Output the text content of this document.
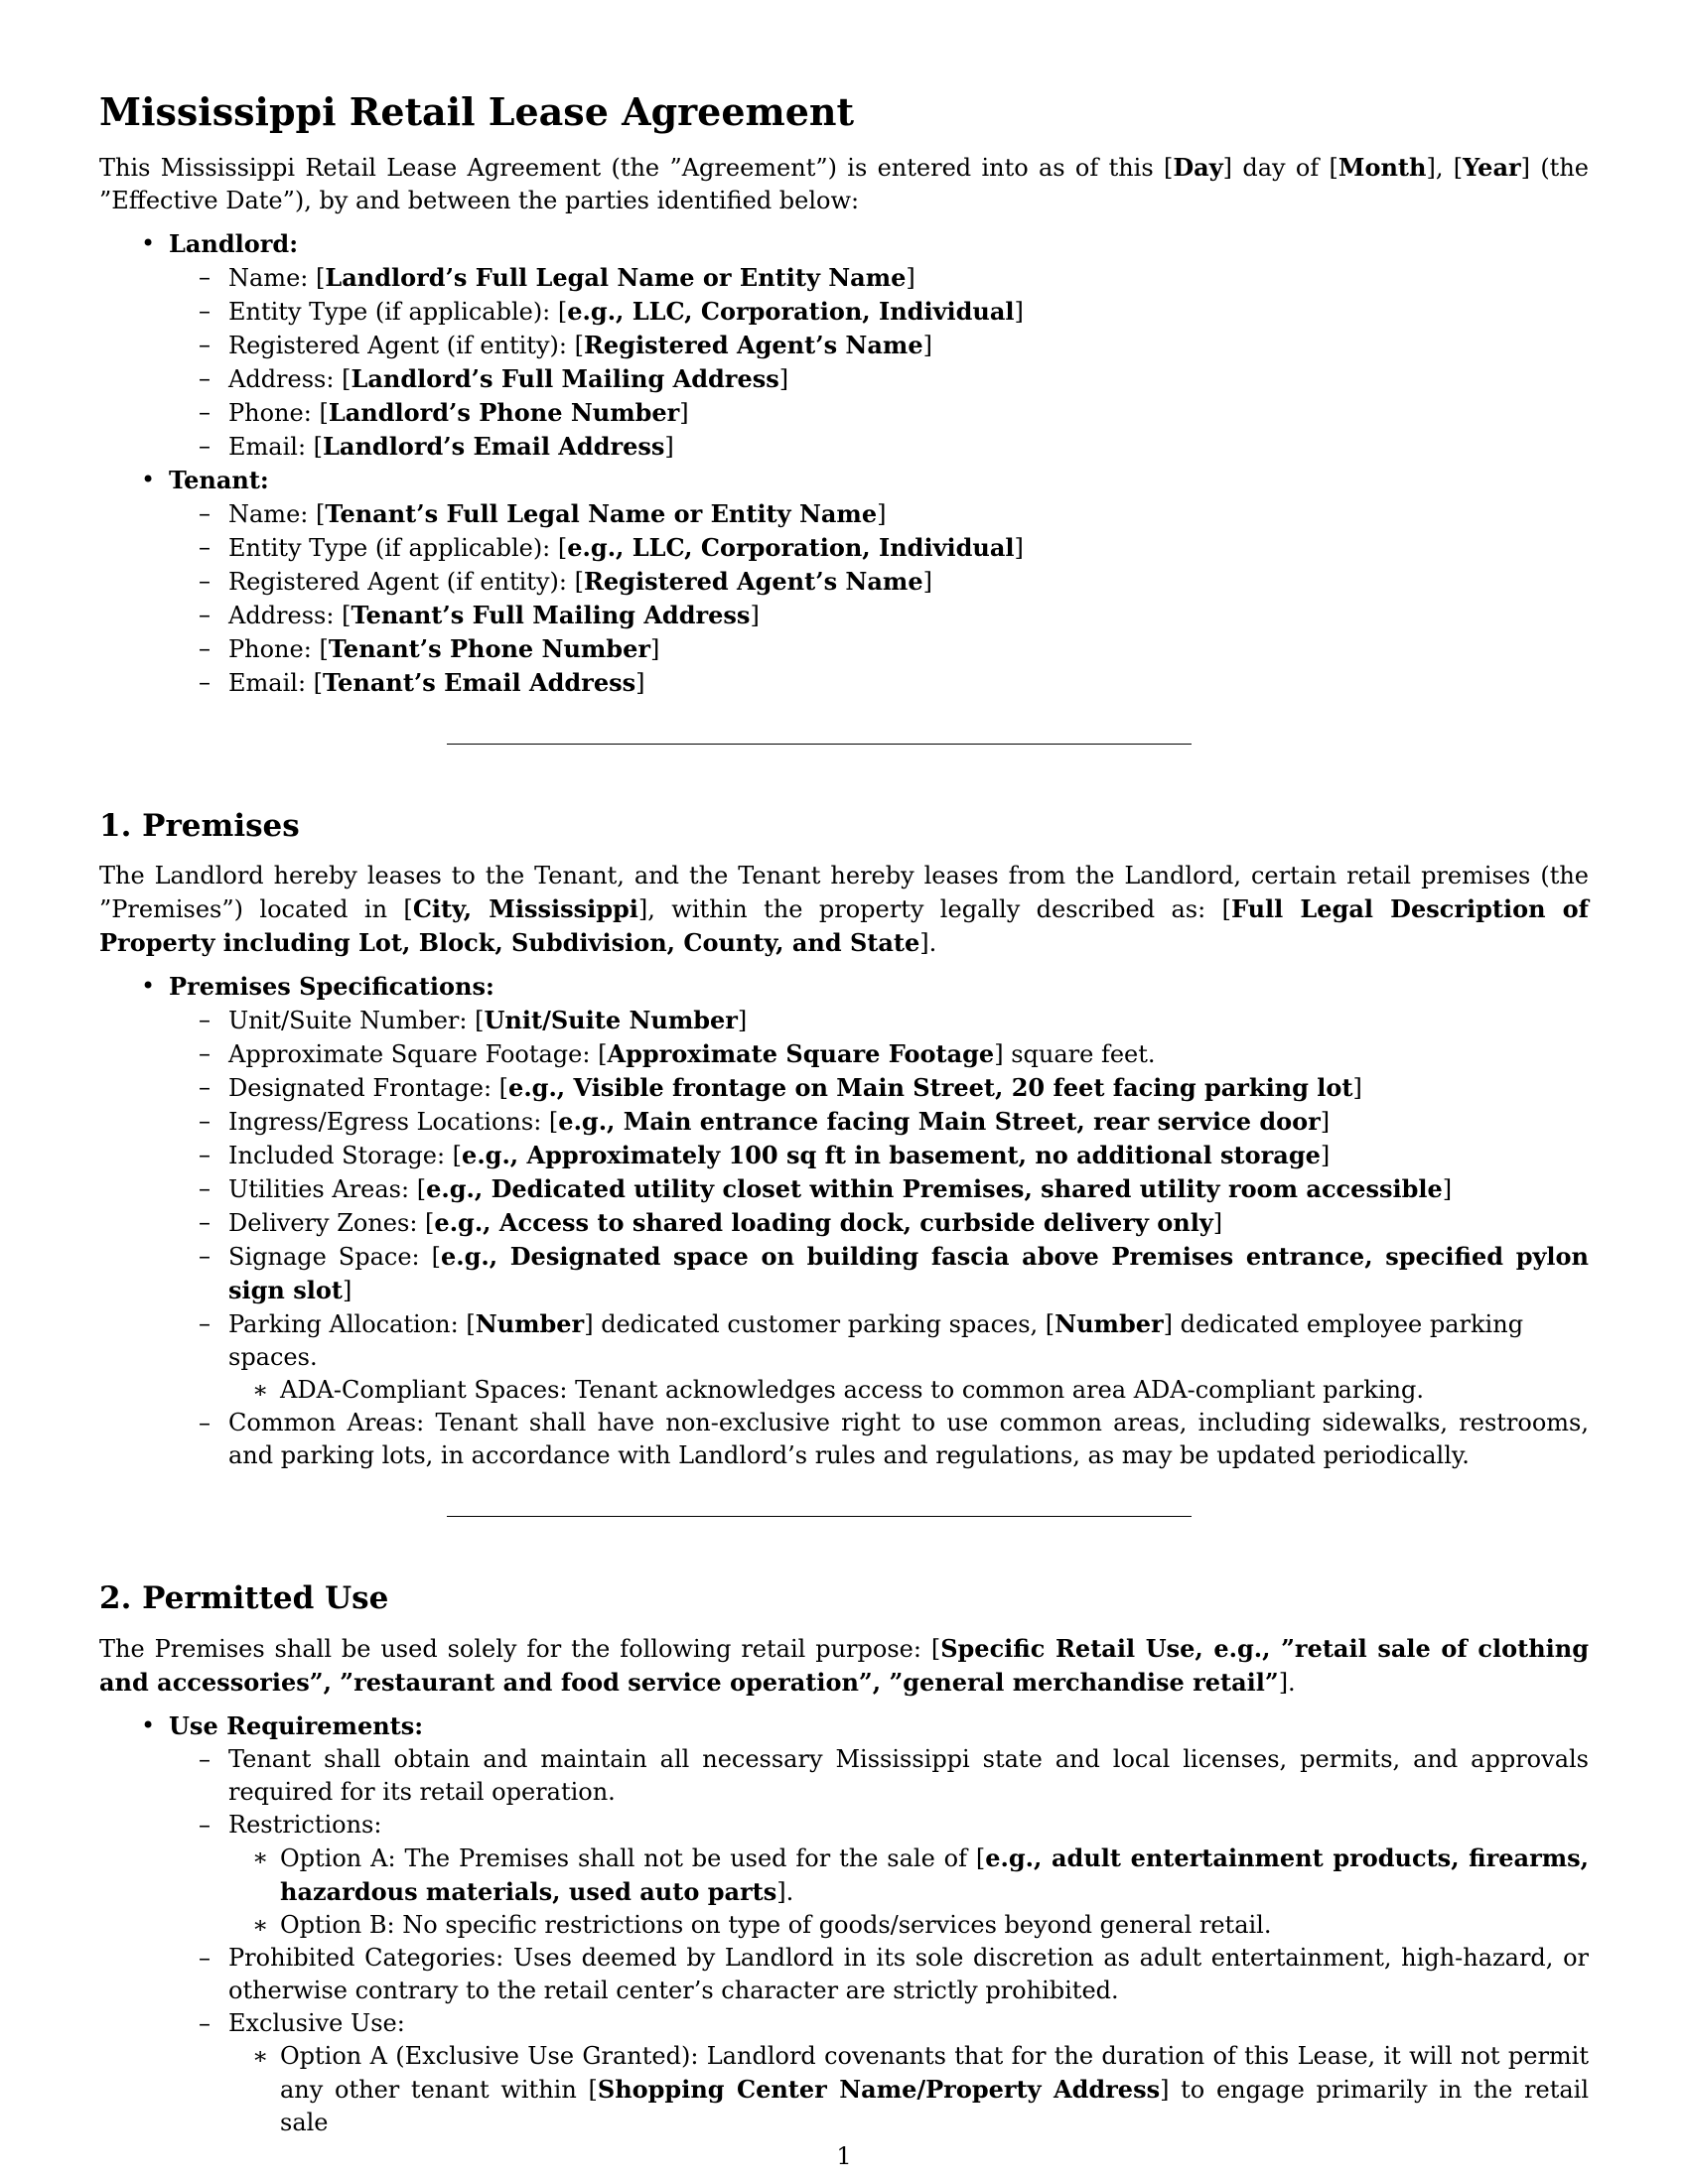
Mississippi Retail Lease Agreement

This Mississippi Retail Lease Agreement (the ”Agreement”) is entered into as of this [Day] day of [Month], [Year] (the ”Effective Date”), by and between the parties identified below:

• Landlord:
– Name: [Landlord’s Full Legal Name or Entity Name]
– Entity Type (if applicable): [e.g., LLC, Corporation, Individual]
– Registered Agent (if entity): [Registered Agent’s Name]
– Address: [Landlord’s Full Mailing Address]
– Phone: [Landlord’s Phone Number]
– Email: [Landlord’s Email Address]
• Tenant:
– Name: [Tenant’s Full Legal Name or Entity Name]
– Entity Type (if applicable): [e.g., LLC, Corporation, Individual]
– Registered Agent (if entity): [Registered Agent’s Name]
– Address: [Tenant’s Full Mailing Address]
– Phone: [Tenant’s Phone Number]
– Email: [Tenant’s Email Address]
1. Premises

The Landlord hereby leases to the Tenant, and the Tenant hereby leases from the Landlord, certain retail premises (the ”Premises”) located in [City, Mississippi], within the property legally described as: [Full Legal Description of Property including Lot, Block, Subdivision, County, and State].

• Premises Specifications:
– Unit/Suite Number: [Unit/Suite Number]
– Approximate Square Footage: [Approximate Square Footage] square feet.
– Designated Frontage: [e.g., Visible frontage on Main Street, 20 feet facing parking lot]
– Ingress/Egress Locations: [e.g., Main entrance facing Main Street, rear service door]
– Included Storage: [e.g., Approximately 100 sq ft in basement, no additional storage]
– Utilities Areas: [e.g., Dedicated utility closet within Premises, shared utility room accessible]
– Delivery Zones: [e.g., Access to shared loading dock, curbside delivery only]
– Signage Space: [e.g., Designated space on building fascia above Premises entrance, specified pylon sign slot]
– Parking Allocation: [Number] dedicated customer parking spaces, [Number] dedicated employee parking spaces.
∗ ADA-Compliant Spaces: Tenant acknowledges access to common area ADA-compliant parking.
– Common Areas: Tenant shall have non-exclusive right to use common areas, including sidewalks, restrooms, and parking lots, in accordance with Landlord’s rules and regulations, as may be updated periodically.
2. Permitted Use

The Premises shall be used solely for the following retail purpose: [Specific Retail Use, e.g., ”retail sale of clothing and accessories”, ”restaurant and food service operation”, ”general merchandise retail”].

• Use Requirements:
– Tenant shall obtain and maintain all necessary Mississippi state and local licenses, permits, and approvals required for its retail operation.
– Restrictions:
∗ Option A: The Premises shall not be used for the sale of [e.g., adult entertainment products, firearms, hazardous materials, used auto parts].
∗ Option B: No specific restrictions on type of goods/services beyond general retail.
– Prohibited Categories: Uses deemed by Landlord in its sole discretion as adult entertainment, high-hazard, or otherwise contrary to the retail center’s character are strictly prohibited.
– Exclusive Use:
∗ Option A (Exclusive Use Granted): Landlord covenants that for the duration of this Lease, it will not permit any other tenant within [Shopping Center Name/Property Address] to engage primarily in the retail sale
1
